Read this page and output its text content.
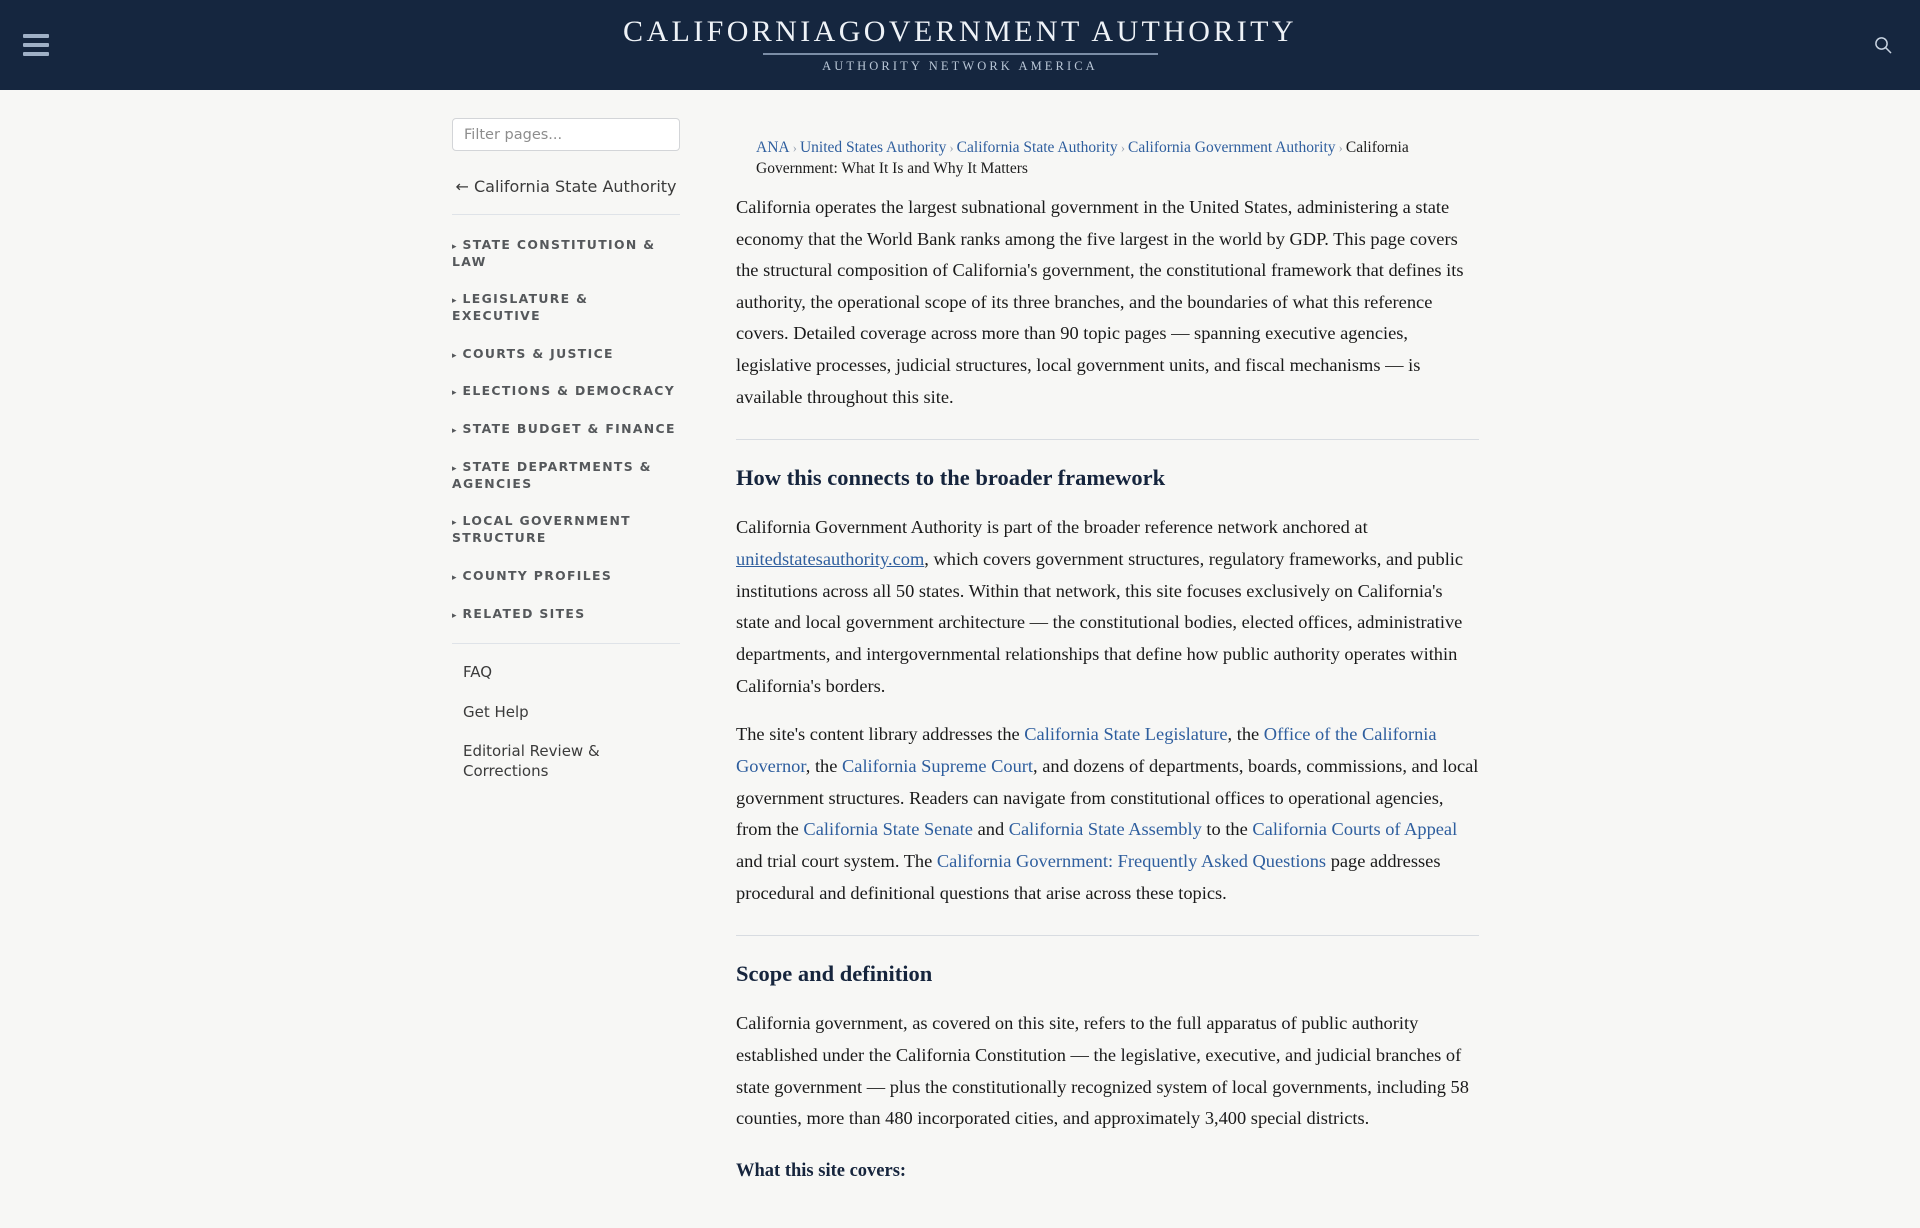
CALIFORNIAGOVERNMENT AUTHORITY
AUTHORITY NETWORK AMERICA
Filter pages...
← California State Authority
▸ STATE CONSTITUTION & LAW
▸ LEGISLATURE & EXECUTIVE
▸ COURTS & JUSTICE
▸ ELECTIONS & DEMOCRACY
▸ STATE BUDGET & FINANCE
▸ STATE DEPARTMENTS & AGENCIES
▸ LOCAL GOVERNMENT STRUCTURE
▸ COUNTY PROFILES
▸ RELATED SITES
FAQ
Get Help
Editorial Review & Corrections
ANA › United States Authority › California State Authority › California Government Authority › California Government: What It Is and Why It Matters

California operates the largest subnational government in the United States, administering a state economy that the World Bank ranks among the five largest in the world by GDP. This page covers the structural composition of California's government, the constitutional framework that defines its authority, the operational scope of its three branches, and the boundaries of what this reference covers. Detailed coverage across more than 90 topic pages — spanning executive agencies, legislative processes, judicial structures, local government units, and fiscal mechanisms — is available throughout this site.

How this connects to the broader framework

California Government Authority is part of the broader reference network anchored at unitedstatesauthority.com, which covers government structures, regulatory frameworks, and public institutions across all 50 states. Within that network, this site focuses exclusively on California's state and local government architecture — the constitutional bodies, elected offices, administrative departments, and intergovernmental relationships that define how public authority operates within California's borders.

The site's content library addresses the California State Legislature, the Office of the California Governor, the California Supreme Court, and dozens of departments, boards, commissions, and local government structures. Readers can navigate from constitutional offices to operational agencies, from the California State Senate and California State Assembly to the California Courts of Appeal and trial court system. The California Government: Frequently Asked Questions page addresses procedural and definitional questions that arise across these topics.

Scope and definition

California government, as covered on this site, refers to the full apparatus of public authority established under the California Constitution — the legislative, executive, and judicial branches of state government — plus the constitutionally recognized system of local governments, including 58 counties, more than 480 incorporated cities, and approximately 3,400 special districts.

What this site covers:
